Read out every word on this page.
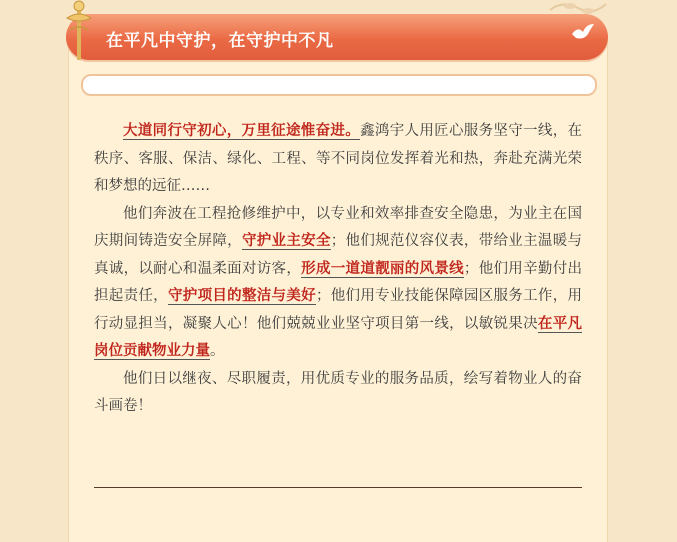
在平凡中守护，在守护中不凡

大道同行守初心，万里征途惟奋进。鑫鸿宇人用匠心服务坚守一线，在秩序、客服、保洁、绿化、工程、等不同岗位发挥着光和热，奔赴充满光荣和梦想的远征……

他们奔波在工程抢修维护中，以专业和效率排查安全隐患，为业主在国庆期间铸造安全屏障，守护业主安全；他们规范仪容仪表，带给业主温暖与真诚，以耐心和温柔面对访客，形成一道道靓丽的风景线；他们用辛勤付出担起责任，守护项目的整洁与美好；他们用专业技能保障园区服务工作，用行动显担当，凝聚人心！他们兢兢业业坚守项目第一线，以敏锐果决在平凡岗位贡献物业力量。

他们日以继夜、尽职履责，用优质专业的服务品质，绘写着物业人的奋斗画卷！
